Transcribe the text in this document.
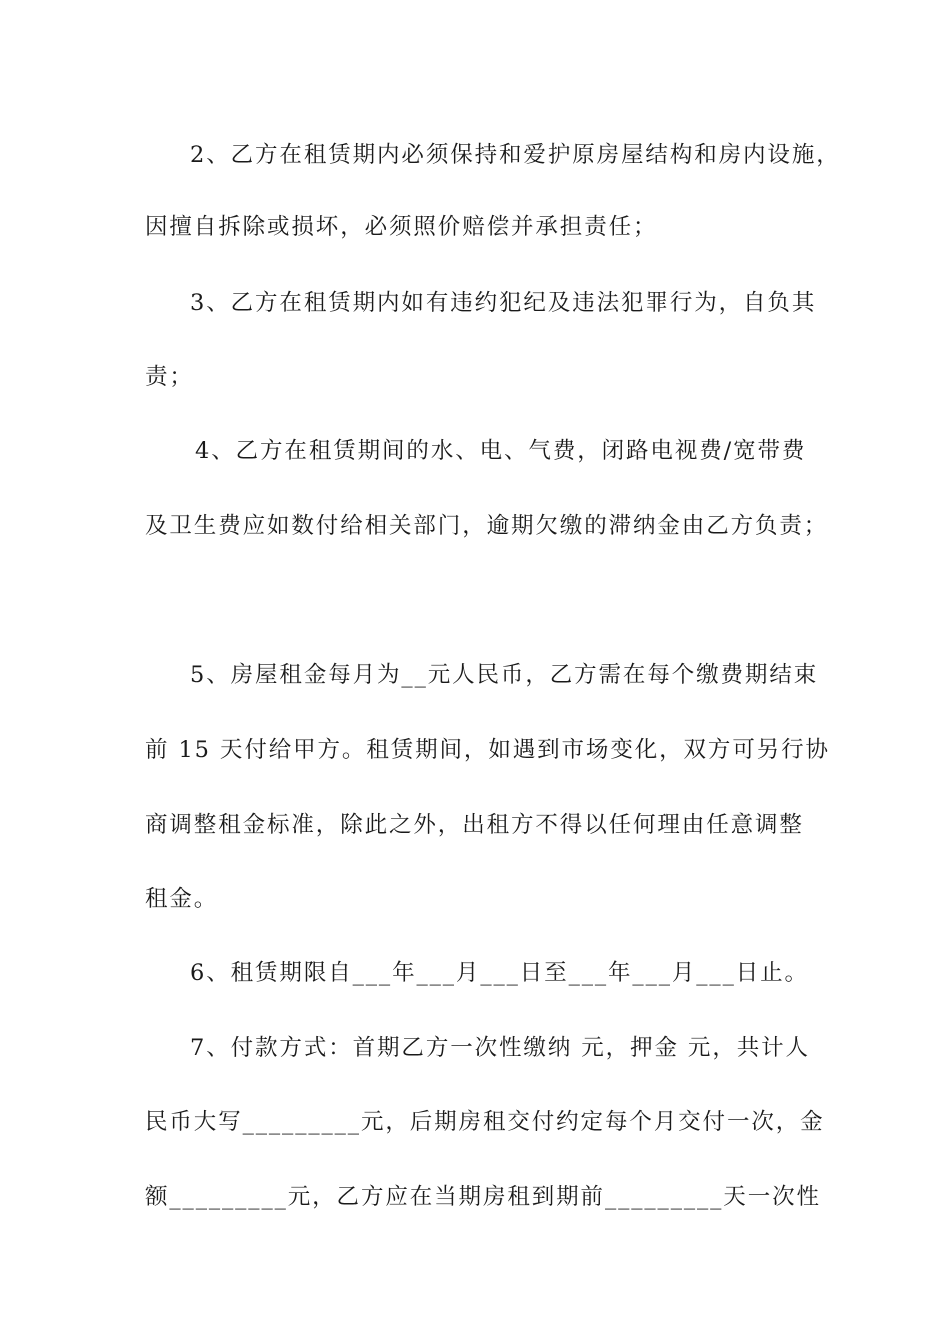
2、乙方在租赁期内必须保持和爱护原房屋结构和房内设施，
因擅自拆除或损坏，必须照价赔偿并承担责任；
3、乙方在租赁期内如有违约犯纪及违法犯罪行为，自负其
责；
4、乙方在租赁期间的水、电、气费，闭路电视费/宽带费
及卫生费应如数付给相关部门，逾期欠缴的滞纳金由乙方负责；
5、房屋租金每月为__元人民币，乙方需在每个缴费期结束
前 15 天付给甲方。租赁期间，如遇到市场变化，双方可另行协
商调整租金标准，除此之外，出租方不得以任何理由任意调整
租金。
6、租赁期限自___年___月___日至___年___月___日止。
7、付款方式：首期乙方一次性缴纳 元，押金 元，共计人
民币大写_________元，后期房租交付约定每个月交付一次，金
额_________元，乙方应在当期房租到期前_________天一次性
